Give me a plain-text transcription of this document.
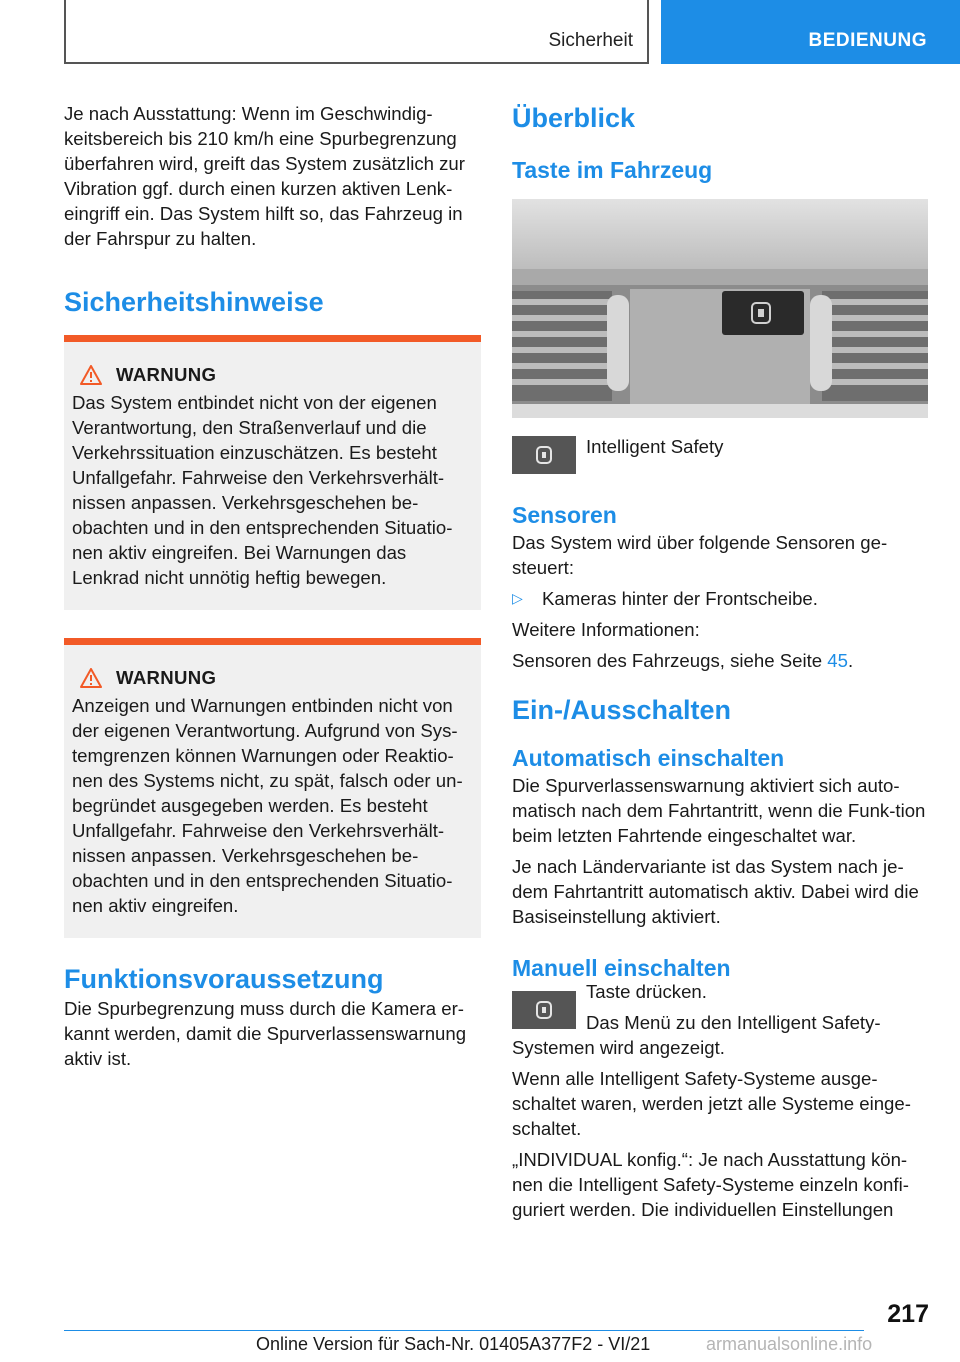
Sicherheit	BEDIENUNG

Je nach Ausstattung: Wenn im Geschwindig-keitsbereich bis 210 km/h eine Spurbegrenzung überfahren wird, greift das System zusätzlich zur Vibration ggf. durch einen kurzen aktiven Lenk-eingriff ein. Das System hilft so, das Fahrzeug in der Fahrspur zu halten.

Sicherheitshinweise
WARNUNG

Das System entbindet nicht von der eigenen Verantwortung, den Straßenverlauf und die Verkehrssituation einzuschätzen. Es besteht Unfallgefahr. Fahrweise den Verkehrsverhält-nissen anpassen. Verkehrsgeschehen be-obachten und in den entsprechenden Situatio-nen aktiv eingreifen. Bei Warnungen das Lenkrad nicht unnötig heftig bewegen.

WARNUNG

Anzeigen und Warnungen entbinden nicht von der eigenen Verantwortung. Aufgrund von Sys-temgrenzen können Warnungen oder Reaktio-nen des Systems nicht, zu spät, falsch oder un-begründet ausgegeben werden. Es besteht Unfallgefahr. Fahrweise den Verkehrsverhält-nissen anpassen. Verkehrsgeschehen be-obachten und in den entsprechenden Situatio-nen aktiv eingreifen.

Funktionsvoraussetzung

Die Spurbegrenzung muss durch die Kamera er-kannt werden, damit die Spurverlassenswarnung aktiv ist.

Überblick
Taste im Fahrzeug

Intelligent Safety

Sensoren

Das System wird über folgende Sensoren ge-steuert:

▷	Kameras hinter der Frontscheibe.

Weitere Informationen:

Sensoren des Fahrzeugs, siehe Seite 45.

Ein-/Ausschalten
Automatisch einschalten

Die Spurverlassenswarnung aktiviert sich auto-matisch nach dem Fahrtantritt, wenn die Funk-tion beim letzten Fahrtende eingeschaltet war.

Je nach Ländervariante ist das System nach je-dem Fahrtantritt automatisch aktiv. Dabei wird die Basiseinstellung aktiviert.

Manuell einschalten

Taste drücken.

Das Menü zu den Intelligent Safety-

Systemen wird angezeigt.

Wenn alle Intelligent Safety-Systeme ausge-schaltet waren, werden jetzt alle Systeme einge-schaltet.

„INDIVIDUAL konfig.“: Je nach Ausstattung kön-nen die Intelligent Safety-Systeme einzeln konfi-guriert werden. Die individuellen Einstellungen

217
Online Version für Sach-Nr. 01405A377F2 - VI/21	armanualsonline.info
